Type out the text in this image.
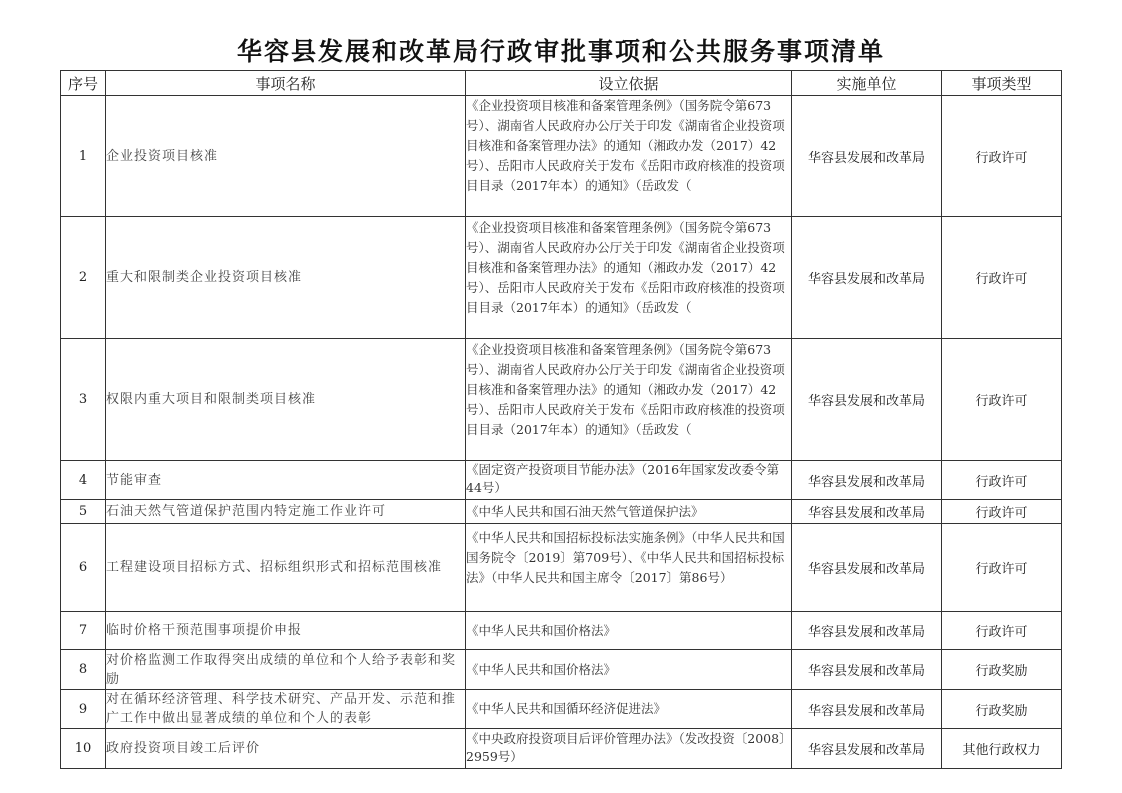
华容县发展和改革局行政审批事项和公共服务事项清单
序号	事项名称	设立依据	实施单位	事项类型
1	企业投资项目核准	《企业投资项目核准和备案管理条例》（国务院令第673号）、湖南省人民政府办公厅关于印发《湖南省企业投资项目核准和备案管理办法》的通知（湘政办发（2017）42号）、岳阳市人民政府关于发布《岳阳市政府核准的投资项目目录（2017年本）的通知》（岳政发（	华容县发展和改革局	行政许可
2	重大和限制类企业投资项目核准	《企业投资项目核准和备案管理条例》（国务院令第673号）、湖南省人民政府办公厅关于印发《湖南省企业投资项目核准和备案管理办法》的通知（湘政办发（2017）42号）、岳阳市人民政府关于发布《岳阳市政府核准的投资项目目录（2017年本）的通知》（岳政发（	华容县发展和改革局	行政许可
3	权限内重大项目和限制类项目核准	《企业投资项目核准和备案管理条例》（国务院令第673号）、湖南省人民政府办公厅关于印发《湖南省企业投资项目核准和备案管理办法》的通知（湘政办发（2017）42号）、岳阳市人民政府关于发布《岳阳市政府核准的投资项目目录（2017年本）的通知》（岳政发（	华容县发展和改革局	行政许可
4	节能审查	《固定资产投资项目节能办法》（2016年国家发改委令第44号）	华容县发展和改革局	行政许可
5	石油天然气管道保护范围内特定施工作业许可	《中华人民共和国石油天然气管道保护法》	华容县发展和改革局	行政许可
6	工程建设项目招标方式、招标组织形式和招标范围核准	《中华人民共和国招标投标法实施条例》（中华人民共和国国务院令〔2019〕第709号）、《中华人民共和国招标投标法》（中华人民共和国主席令〔2017〕第86号）	华容县发展和改革局	行政许可
7	临时价格干预范围事项提价申报	《中华人民共和国价格法》	华容县发展和改革局	行政许可
8	对价格监测工作取得突出成绩的单位和个人给予表彰和奖励	《中华人民共和国价格法》	华容县发展和改革局	行政奖励
9	对在循环经济管理、科学技术研究、产品开发、示范和推广工作中做出显著成绩的单位和个人的表彰	《中华人民共和国循环经济促进法》	华容县发展和改革局	行政奖励
10	政府投资项目竣工后评价	《中央政府投资项目后评价管理办法》（发改投资〔2008〕2959号）	华容县发展和改革局	其他行政权力
